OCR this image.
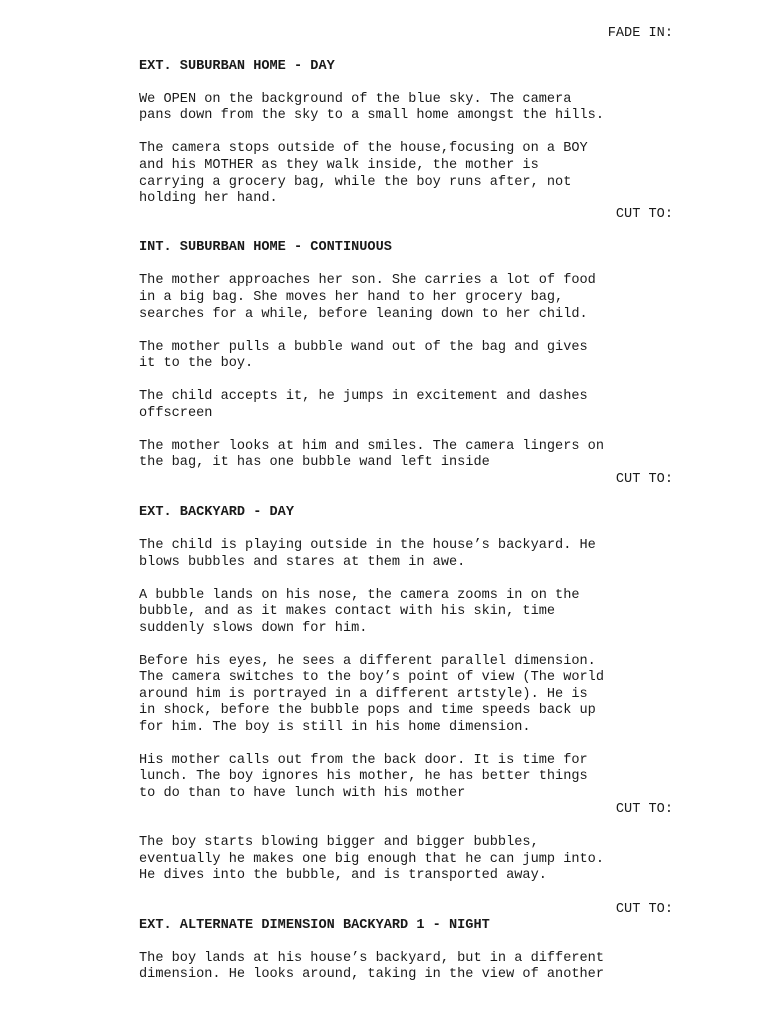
FADE IN:
EXT. SUBURBAN HOME - DAY
We OPEN on the background of the blue sky. The camera
pans down from the sky to a small home amongst the hills.
The camera stops outside of the house,focusing on a BOY
and his MOTHER as they walk inside, the mother is
carrying a grocery bag, while the boy runs after, not
holding her hand.
CUT TO:
INT. SUBURBAN HOME - CONTINUOUS
The mother approaches her son. She carries a lot of food
in a big bag. She moves her hand to her grocery bag,
searches for a while, before leaning down to her child.
The mother pulls a bubble wand out of the bag and gives
it to the boy.
The child accepts it, he jumps in excitement and dashes
offscreen
The mother looks at him and smiles. The camera lingers on
the bag, it has one bubble wand left inside
CUT TO:
EXT. BACKYARD - DAY
The child is playing outside in the house’s backyard. He
blows bubbles and stares at them in awe.
A bubble lands on his nose, the camera zooms in on the
bubble, and as it makes contact with his skin, time
suddenly slows down for him.
Before his eyes, he sees a different parallel dimension.
The camera switches to the boy’s point of view (The world
around him is portrayed in a different artstyle). He is
in shock, before the bubble pops and time speeds back up
for him. The boy is still in his home dimension.
His mother calls out from the back door. It is time for
lunch. The boy ignores his mother, he has better things
to do than to have lunch with his mother
CUT TO:
The boy starts blowing bigger and bigger bubbles,
eventually he makes one big enough that he can jump into.
He dives into the bubble, and is transported away.
CUT TO:
EXT. ALTERNATE DIMENSION BACKYARD 1 - NIGHT
The boy lands at his house’s backyard, but in a different
dimension. He looks around, taking in the view of another
